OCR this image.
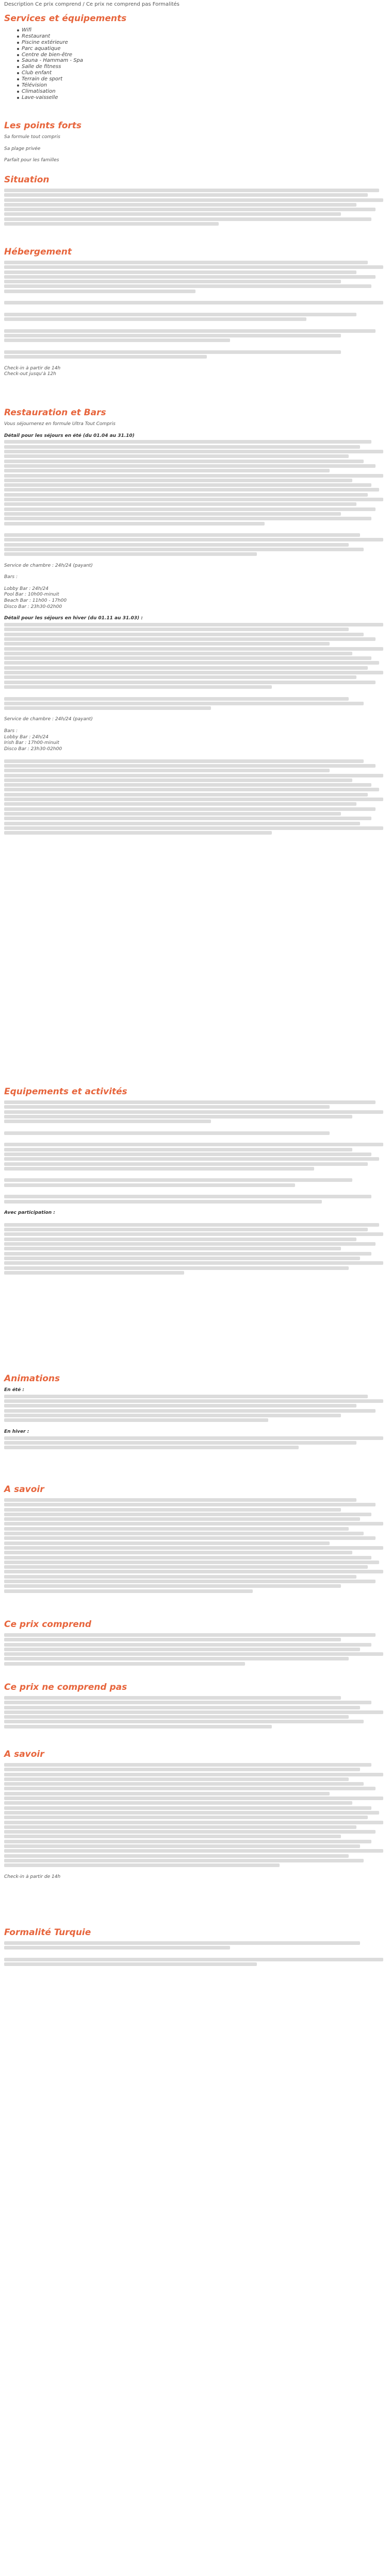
Description Ce prix comprend / Ce prix ne comprend pas Formalités
Services et équipements
Wifi
Restaurant
Piscine extérieure
Parc aquatique
Centre de bien-être
Sauna - Hammam - Spa
Salle de fitness
Club enfant
Terrain de sport
Télévision
Climatisation
Lave-vaisselle
Les points forts
Sa formule tout compris
Sa plage privée
Parfait pour les familles
Situation
Hébergement
Check-in à partir de 14h
Check-out jusqu'à 12h
Restauration et Bars
Vous séjournerez en formule Ultra Tout Compris
Détail pour les séjours en été (du 01.04 au 31.10)
Service de chambre : 24h/24 (payant)
Bars :
Lobby Bar : 24h/24
Pool Bar : 10h00-minuit
Beach Bar : 11h00 - 17h00
Disco Bar : 23h30-02h00
Détail pour les séjours en hiver (du 01.11 au 31.03) :
Service de chambre : 24h/24 (payant)
Bars :
Lobby Bar : 24h/24
Irish Bar : 17h00-minuit
Disco Bar : 23h30-02h00
Equipements et activités
Avec participation :
Animations
En été :
En hiver :
A savoir
Ce prix comprend
Ce prix ne comprend pas
A savoir
Check-in à partir de 14h
Formalité Turquie
